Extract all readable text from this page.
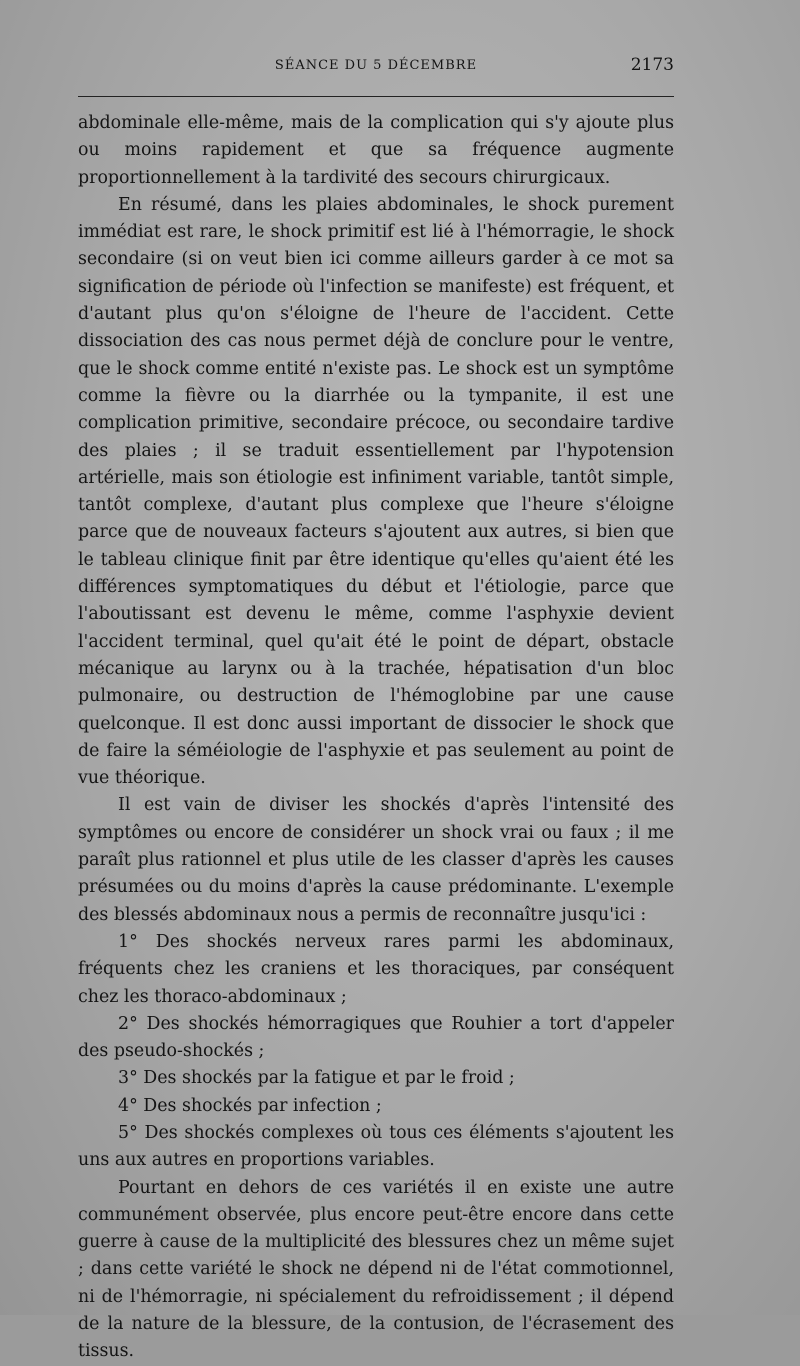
SÉANCE DU 5 DÉCEMBRE	2173

abdominale elle-même, mais de la complication qui s'y ajoute plus ou moins rapidement et que sa fréquence augmente proportionnellement à la tardivité des secours chirurgicaux.

En résumé, dans les plaies abdominales, le shock purement immédiat est rare, le shock primitif est lié à l'hémorragie, le shock secondaire (si on veut bien ici comme ailleurs garder à ce mot sa signification de période où l'infection se manifeste) est fréquent, et d'autant plus qu'on s'éloigne de l'heure de l'accident. Cette dissociation des cas nous permet déjà de conclure pour le ventre, que le shock comme entité n'existe pas. Le shock est un symptôme comme la fièvre ou la diarrhée ou la tympanite, il est une complication primitive, secondaire précoce, ou secondaire tardive des plaies ; il se traduit essentiellement par l'hypotension artérielle, mais son étiologie est infiniment variable, tantôt simple, tantôt complexe, d'autant plus complexe que l'heure s'éloigne parce que de nouveaux facteurs s'ajoutent aux autres, si bien que le tableau clinique finit par être identique qu'elles qu'aient été les différences symptomatiques du début et l'étiologie, parce que l'aboutissant est devenu le même, comme l'asphyxie devient l'accident terminal, quel qu'ait été le point de départ, obstacle mécanique au larynx ou à la trachée, hépatisation d'un bloc pulmonaire, ou destruction de l'hémoglobine par une cause quelconque. Il est donc aussi important de dissocier le shock que de faire la séméiologie de l'asphyxie et pas seulement au point de vue théorique.

Il est vain de diviser les shockés d'après l'intensité des symptômes ou encore de considérer un shock vrai ou faux ; il me paraît plus rationnel et plus utile de les classer d'après les causes présumées ou du moins d'après la cause prédominante. L'exemple des blessés abdominaux nous a permis de reconnaître jusqu'ici :

1° Des shockés nerveux rares parmi les abdominaux, fréquents chez les craniens et les thoraciques, par conséquent chez les thoraco-abdominaux ;

2° Des shockés hémorragiques que Rouhier a tort d'appeler des pseudo-shockés ;

3° Des shockés par la fatigue et par le froid ;

4° Des shockés par infection ;

5° Des shockés complexes où tous ces éléments s'ajoutent les uns aux autres en proportions variables.

Pourtant en dehors de ces variétés il en existe une autre communément observée, plus encore peut-être encore dans cette guerre à cause de la multiplicité des blessures chez un même sujet ; dans cette variété le shock ne dépend ni de l'état commotionnel, ni de l'hémorragie, ni spécialement du refroidissement ; il dépend de la nature de la blessure, de la contusion, de l'écrasement des tissus.
